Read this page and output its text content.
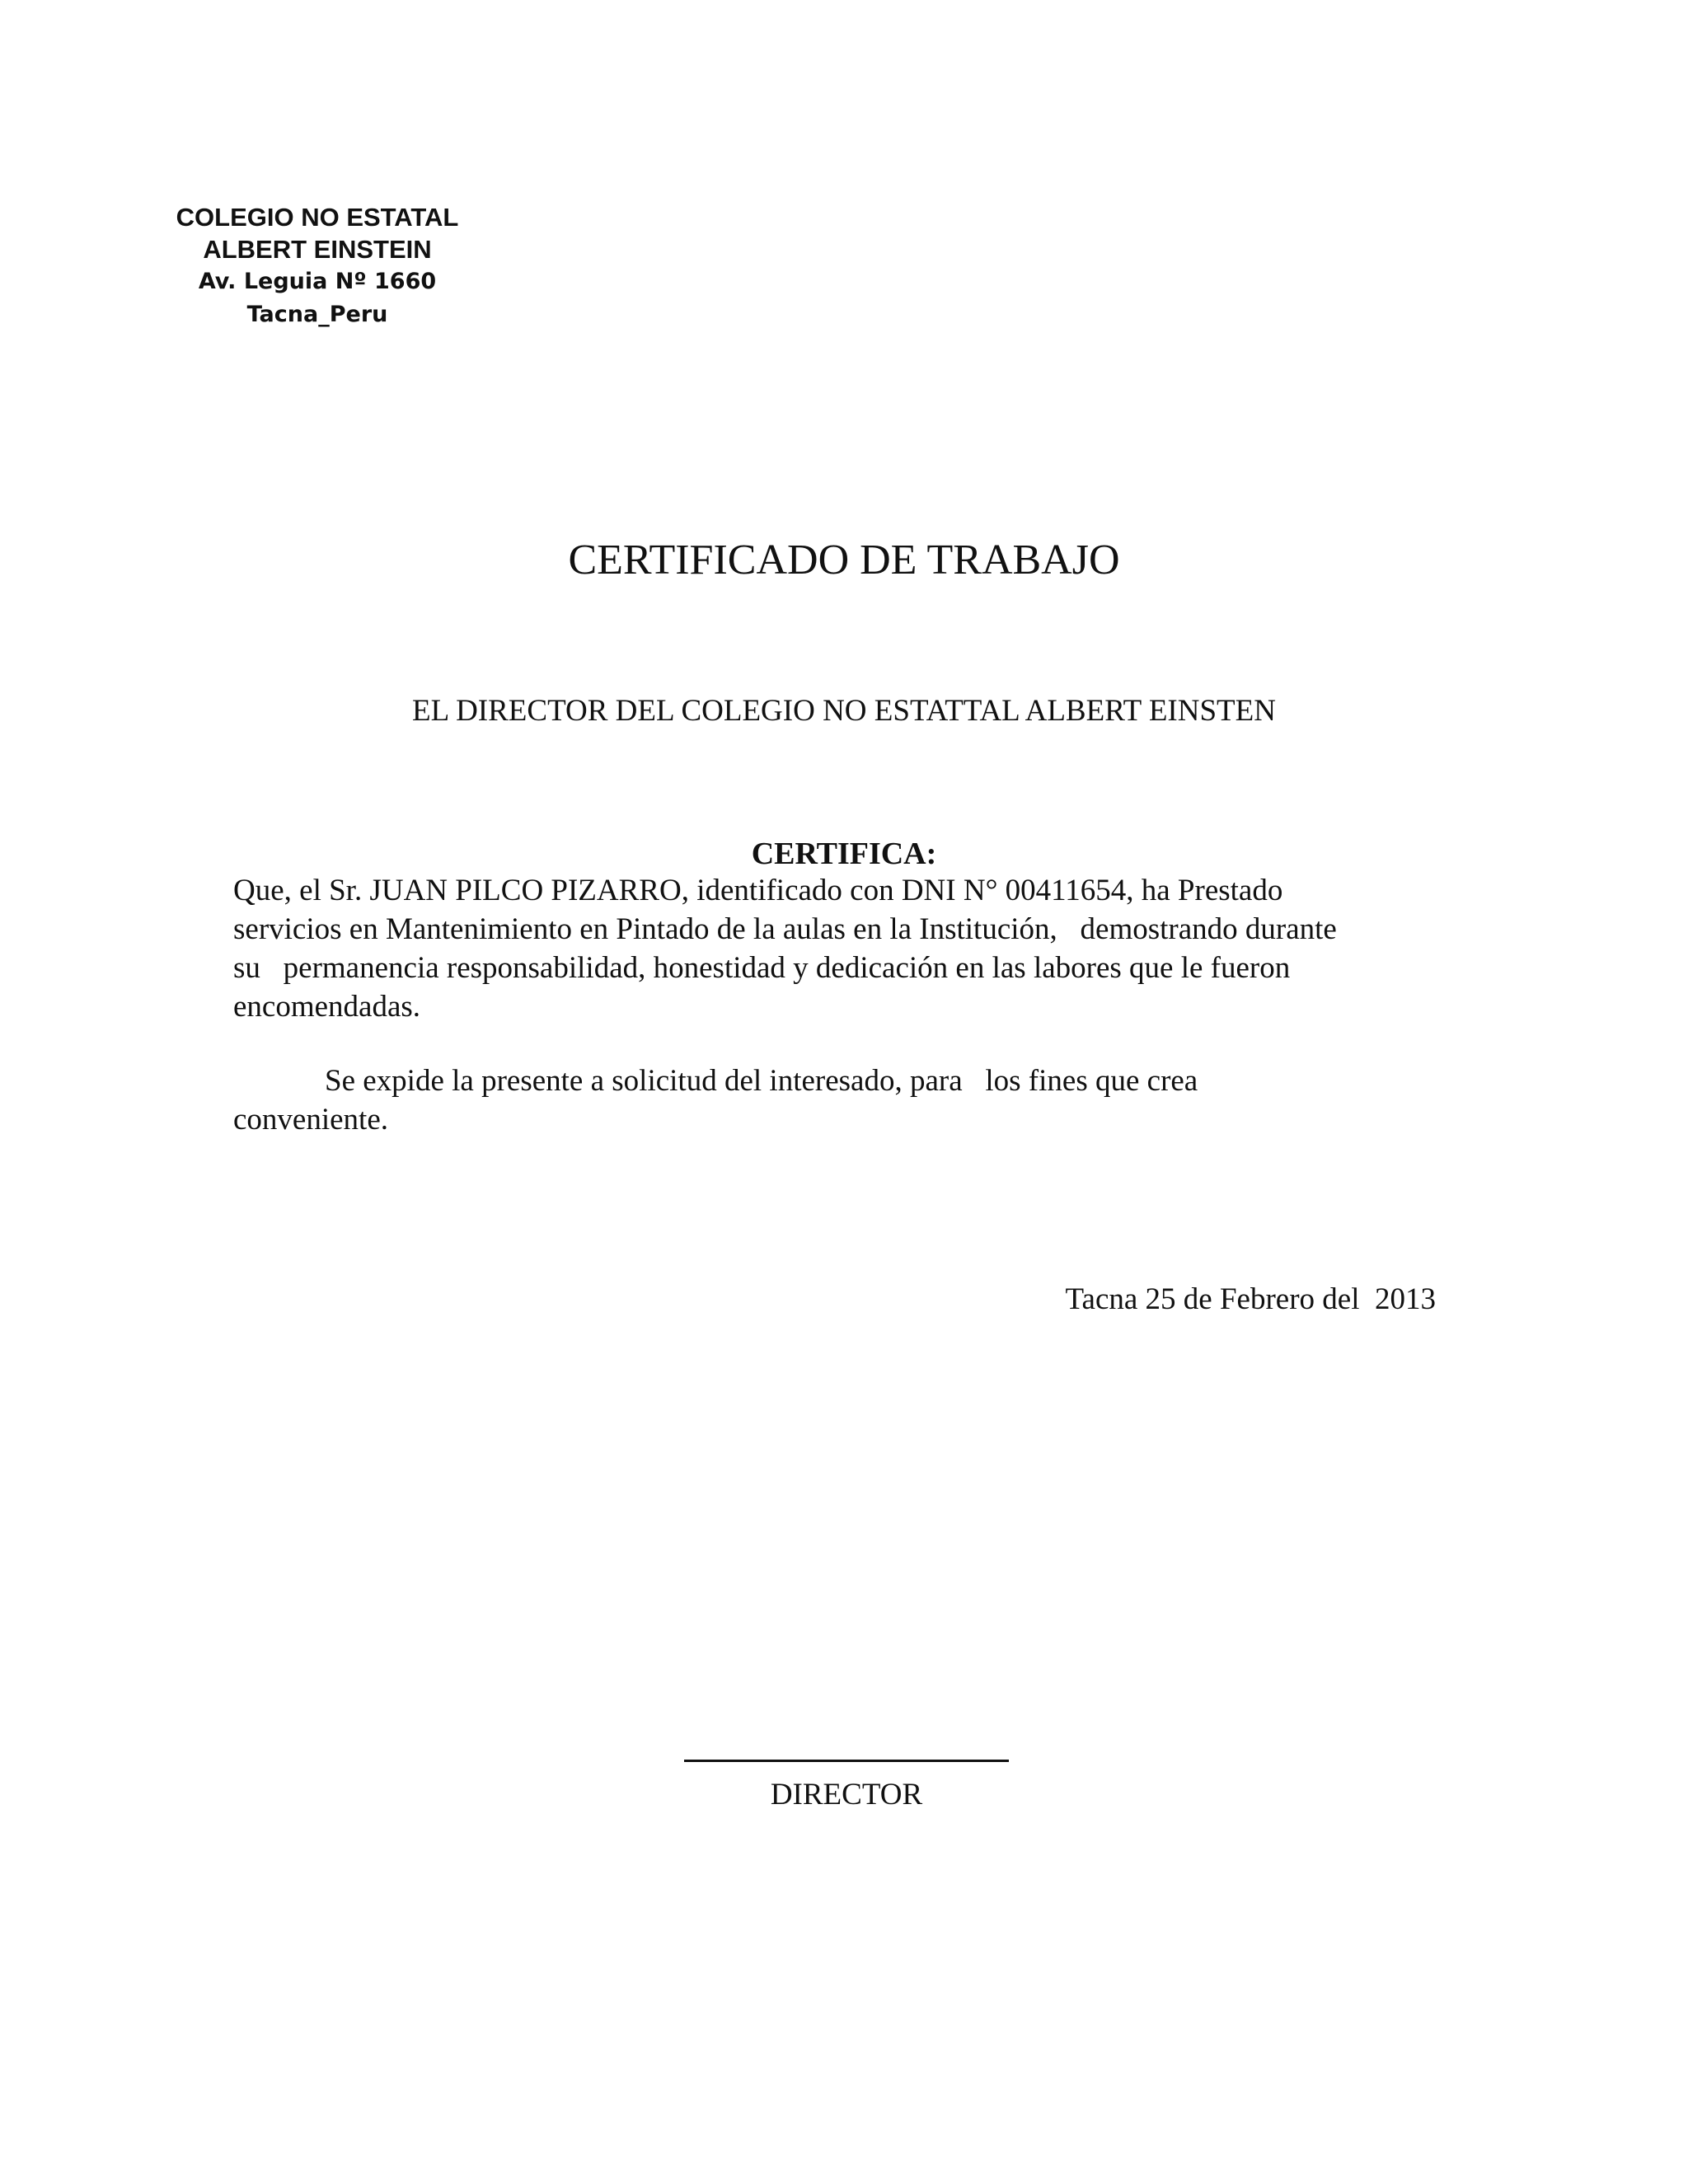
COLEGIO NO ESTATAL
ALBERT EINSTEIN
Av. Leguia Nº 1660
Tacna_Peru
CERTIFICADO DE TRABAJO
EL DIRECTOR DEL COLEGIO NO ESTATTAL ALBERT EINSTEN
CERTIFICA:
Que, el Sr. JUAN PILCO PIZARRO, identificado con DNI N° 00411654, ha Prestado
servicios en Mantenimiento en Pintado de la aulas en la Institución,   demostrando durante
su   permanencia responsabilidad, honestidad y dedicación en las labores que le fueron
encomendadas.
Se expide la presente a solicitud del interesado, para   los fines que crea
conveniente.
Tacna 25 de Febrero del  2013
DIRECTOR
